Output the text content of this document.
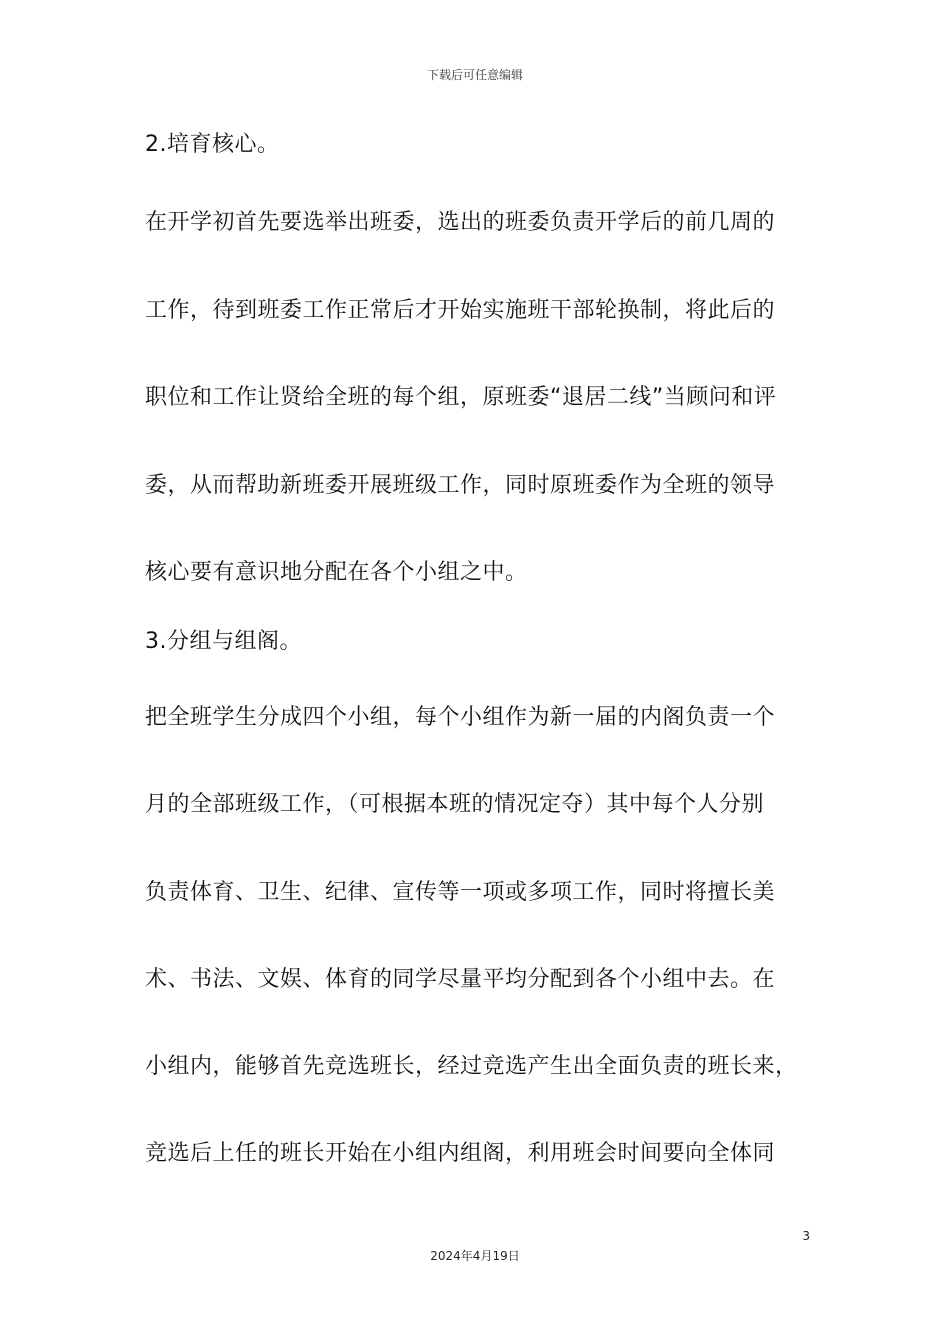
下载后可任意编辑
2.培育核心。
在开学初首先要选举出班委，选出的班委负责开学后的前几周的
工作，待到班委工作正常后才开始实施班干部轮换制，将此后的
职位和工作让贤给全班的每个组，原班委“退居二线”当顾问和评
委，从而帮助新班委开展班级工作，同时原班委作为全班的领导
核心要有意识地分配在各个小组之中。
3.分组与组阁。
把全班学生分成四个小组，每个小组作为新一届的内阁负责一个
月的全部班级工作，（可根据本班的情况定夺）其中每个人分别
负责体育、卫生、纪律、宣传等一项或多项工作，同时将擅长美
术、书法、文娱、体育的同学尽量平均分配到各个小组中去。在
小组内，能够首先竞选班长，经过竞选产生出全面负责的班长来，
竞选后上任的班长开始在小组内组阁，利用班会时间要向全体同
3
2024年4月19日
